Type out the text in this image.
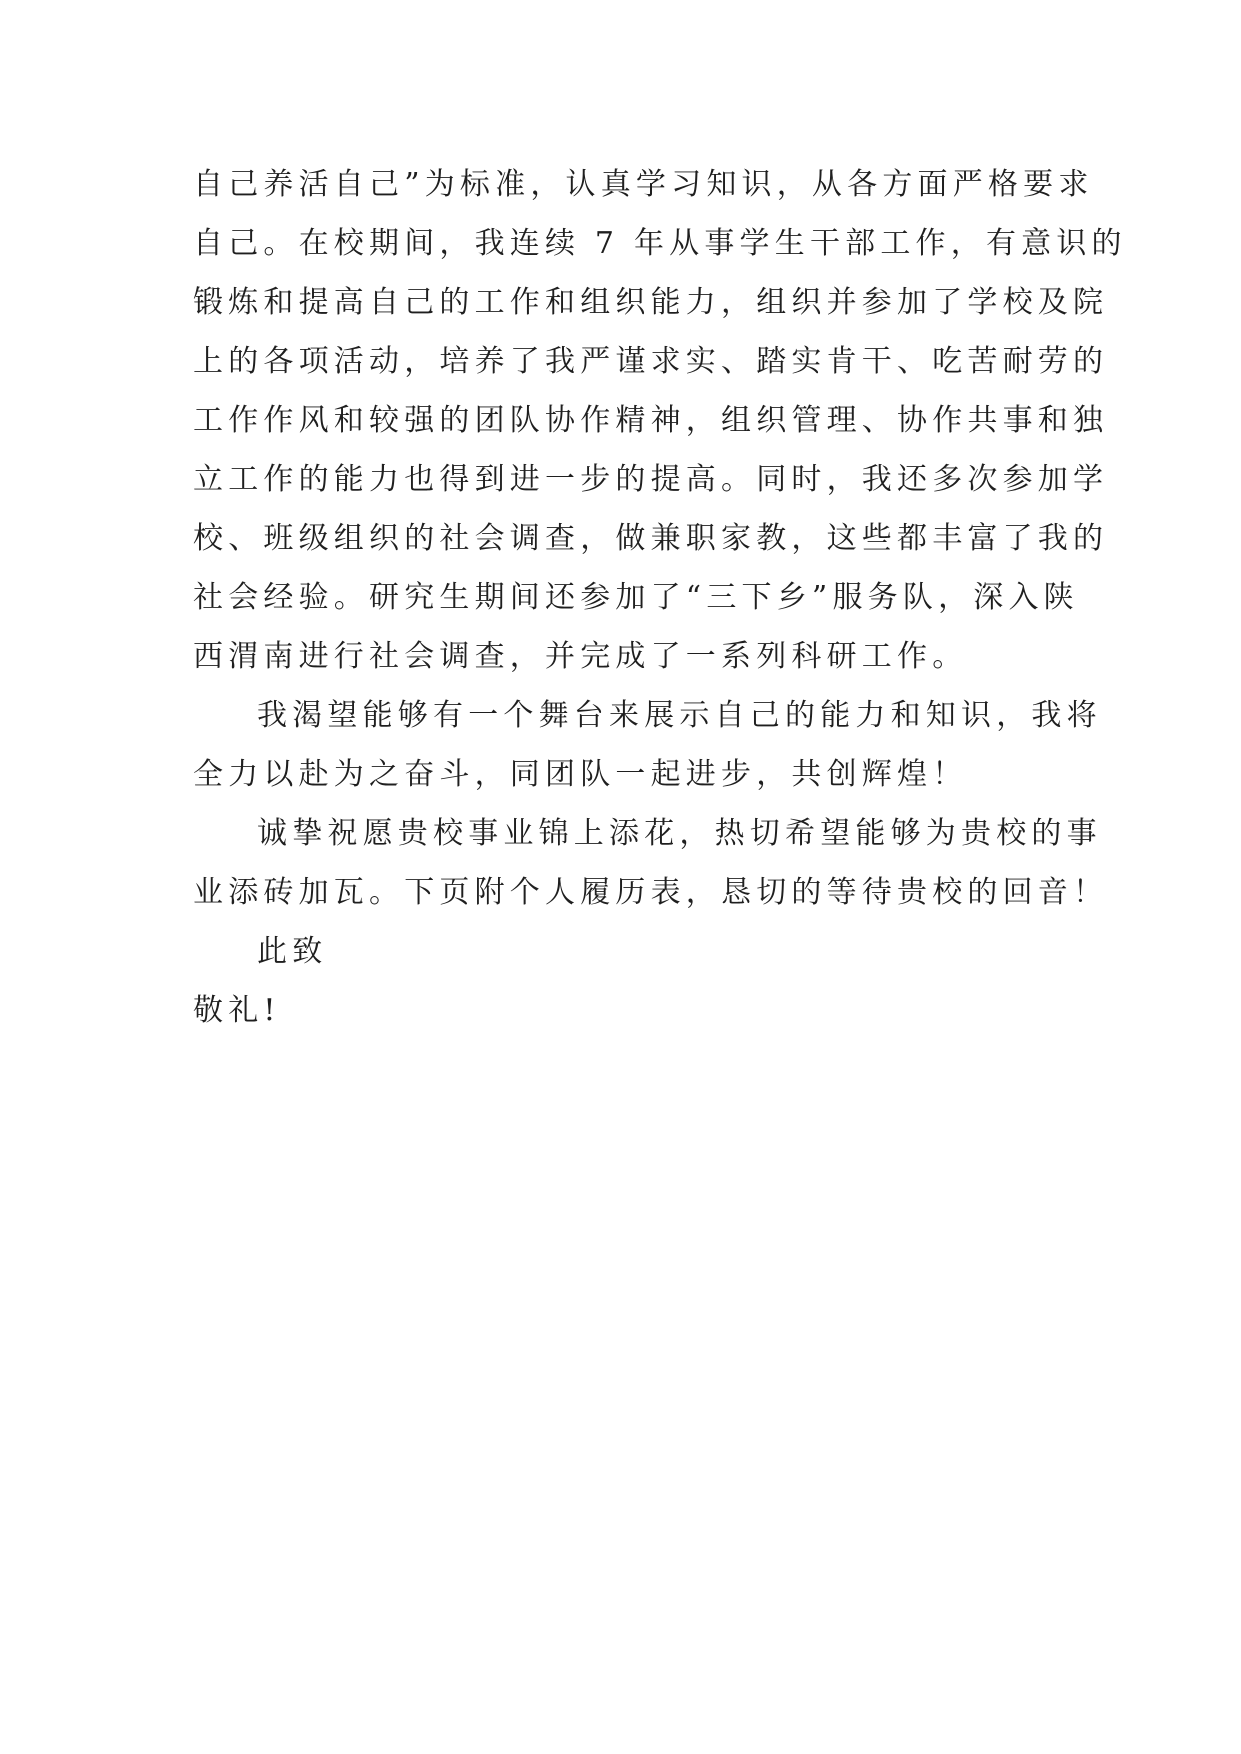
自己养活自己”为标准，认真学习知识，从各方面严格要求
自己。在校期间，我连续 7 年从事学生干部工作，有意识的
锻炼和提高自己的工作和组织能力，组织并参加了学校及院
上的各项活动，培养了我严谨求实、踏实肯干、吃苦耐劳的
工作作风和较强的团队协作精神，组织管理、协作共事和独
立工作的能力也得到进一步的提高。同时，我还多次参加学
校、班级组织的社会调查，做兼职家教，这些都丰富了我的
社会经验。研究生期间还参加了“三下乡”服务队，深入陕
西渭南进行社会调查，并完成了一系列科研工作。
我渴望能够有一个舞台来展示自己的能力和知识，我将
全力以赴为之奋斗，同团队一起进步，共创辉煌！
诚挚祝愿贵校事业锦上添花，热切希望能够为贵校的事
业添砖加瓦。下页附个人履历表，恳切的等待贵校的回音！
此致
敬礼!
